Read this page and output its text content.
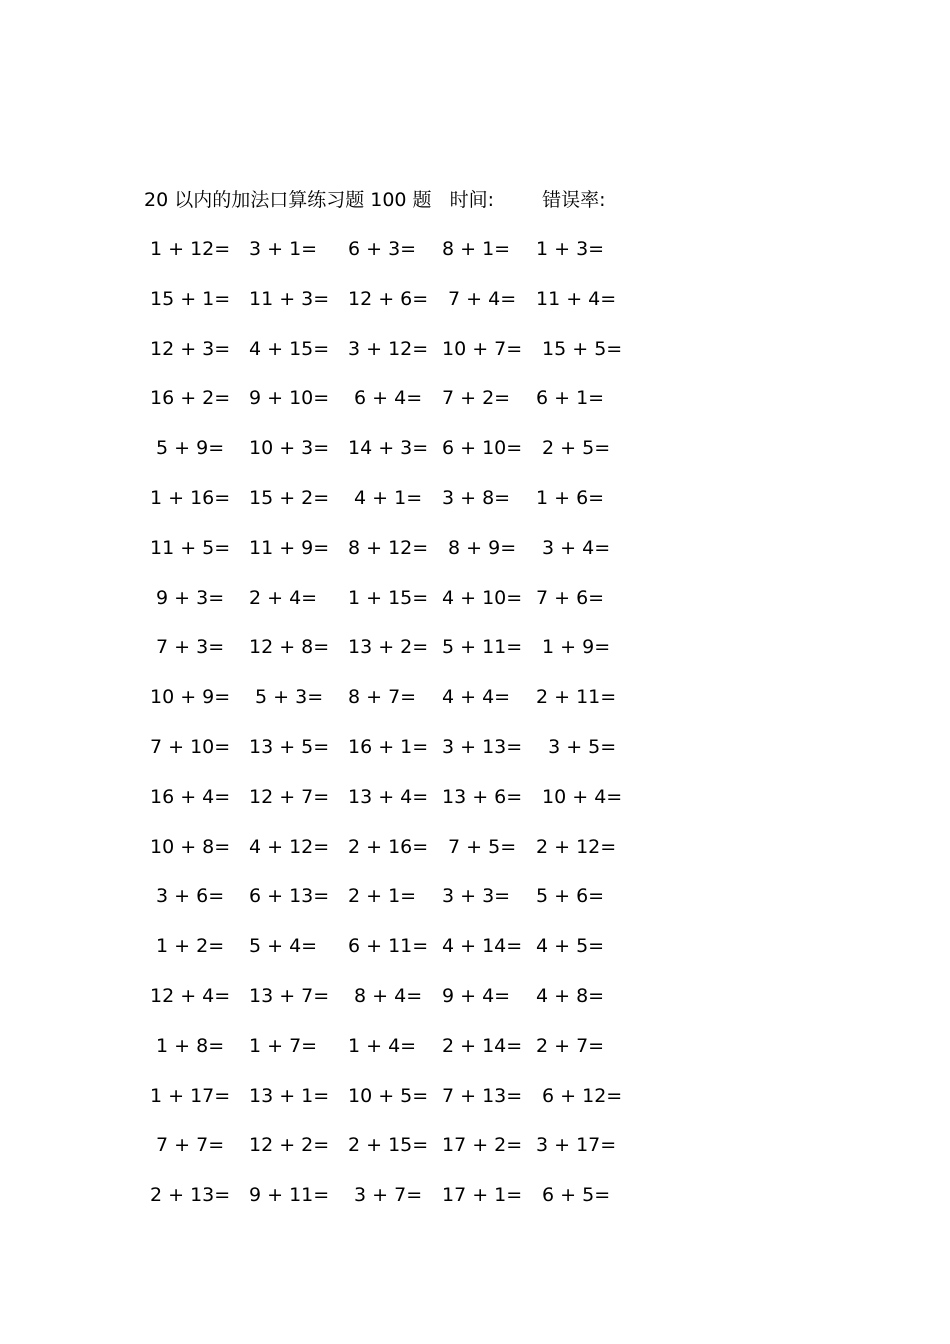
20 以内的加法口算练习题 100 题 时间:	错误率:
1 + 12= 3 + 1= 6 + 3= 8 + 1= 1 + 3=
15 + 1= 11 + 3= 12 + 6= 7 + 4= 11 + 4=
12 + 3= 4 + 15= 3 + 12= 10 + 7= 15 + 5=
16 + 2= 9 + 10= 6 + 4= 7 + 2= 6 + 1=
5 + 9= 10 + 3= 14 + 3= 6 + 10= 2 + 5=
1 + 16= 15 + 2= 4 + 1= 3 + 8= 1 + 6=
11 + 5= 11 + 9= 8 + 12= 8 + 9= 3 + 4=
9 + 3= 2 + 4= 1 + 15= 4 + 10= 7 + 6=
7 + 3= 12 + 8= 13 + 2= 5 + 11= 1 + 9=
10 + 9= 5 + 3= 8 + 7= 4 + 4= 2 + 11=
7 + 10= 13 + 5= 16 + 1= 3 + 13= 3 + 5=
16 + 4= 12 + 7= 13 + 4= 13 + 6= 10 + 4=
10 + 8= 4 + 12= 2 + 16= 7 + 5= 2 + 12=
3 + 6= 6 + 13= 2 + 1= 3 + 3= 5 + 6=
1 + 2= 5 + 4= 6 + 11= 4 + 14= 4 + 5=
12 + 4= 13 + 7= 8 + 4= 9 + 4= 4 + 8=
1 + 8= 1 + 7= 1 + 4= 2 + 14= 2 + 7=
1 + 17= 13 + 1= 10 + 5= 7 + 13= 6 + 12=
7 + 7= 12 + 2= 2 + 15= 17 + 2= 3 + 17=
2 + 13= 9 + 11= 3 + 7= 17 + 1= 6 + 5=
